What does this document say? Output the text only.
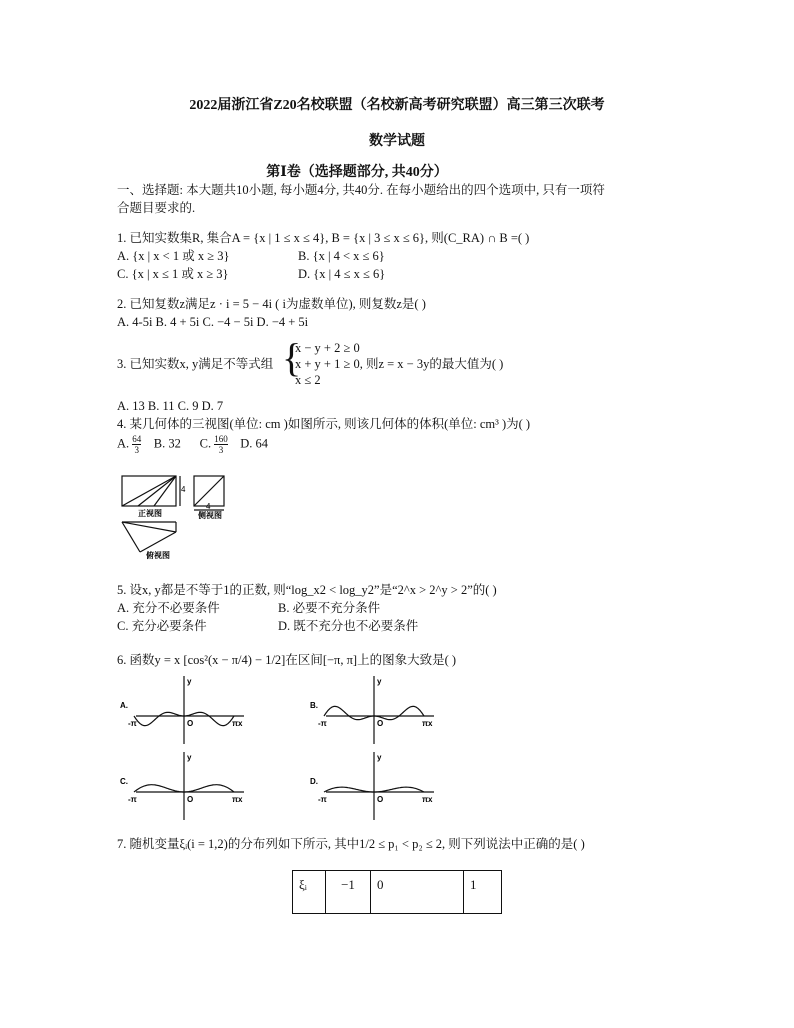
2022届浙江省Z20名校联盟（名校新高考研究联盟）高三第三次联考
数学试题
第Ⅰ卷（选择题部分, 共40分）
一、选择题: 本大题共10小题, 每小题4分, 共40分. 在每小题给出的四个选项中, 只有一项符
合题目要求的.
1. 已知实数集R, 集合A = {x | 1 ≤ x ≤ 4}, B = {x | 3 ≤ x ≤ 6}, 则(C_RA) ∩ B =( )
A. {x | x < 1 或 x ≥ 3}	B. {x | 4 < x ≤ 6}
C. {x | x ≤ 1 或 x ≥ 3}	D. {x | 4 ≤ x ≤ 6}
2. 已知复数z满足z · i = 5 − 4i ( i为虚数单位), 则复数z是( )
A. 4-5i B. 4 + 5i C. −4 − 5i D. −4 + 5i
3. 已知实数x, y满足不等式组 {
x − y + 2 ≥ 0
x + y + 1 ≥ 0, 则z = x − 3y的最大值为( )
x ≤ 2
A. 13 B. 11 C. 9 D. 7
4. 某几何体的三视图(单位: cm )如图所示, 则该几何体的体积(单位: cm³ )为( )
A. $\frac{64}{3} B$. 32 C. $\frac{160}{3} D$. 64
4
正视图
4
侧视图
俯视图
5. 设x, y都是不等于1的正数, 则“log_x2 < log_y2”是“2^x > 2^y > 2”的( )
A. 充分不必要条件	B. 必要不充分条件
C. 充分必要条件	D. 既不充分也不必要条件
6. 函数y = x [cos²(x − π/4) − 1/2]在区间[−π, π]上的图象大致是( )
A.
y
x
O
-π	π
B.
y
x
O
-π	π
C.
y
x
O
-π	π
D.
y
x
O
-π	π
7. 随机变量ξᵢ(i = 1,2)的分布列如下所示, 其中1/2 ≤ p₁ < p₂ ≤ 2, 则下列说法中正确的是( )
ξᵢ	−1	0	1
